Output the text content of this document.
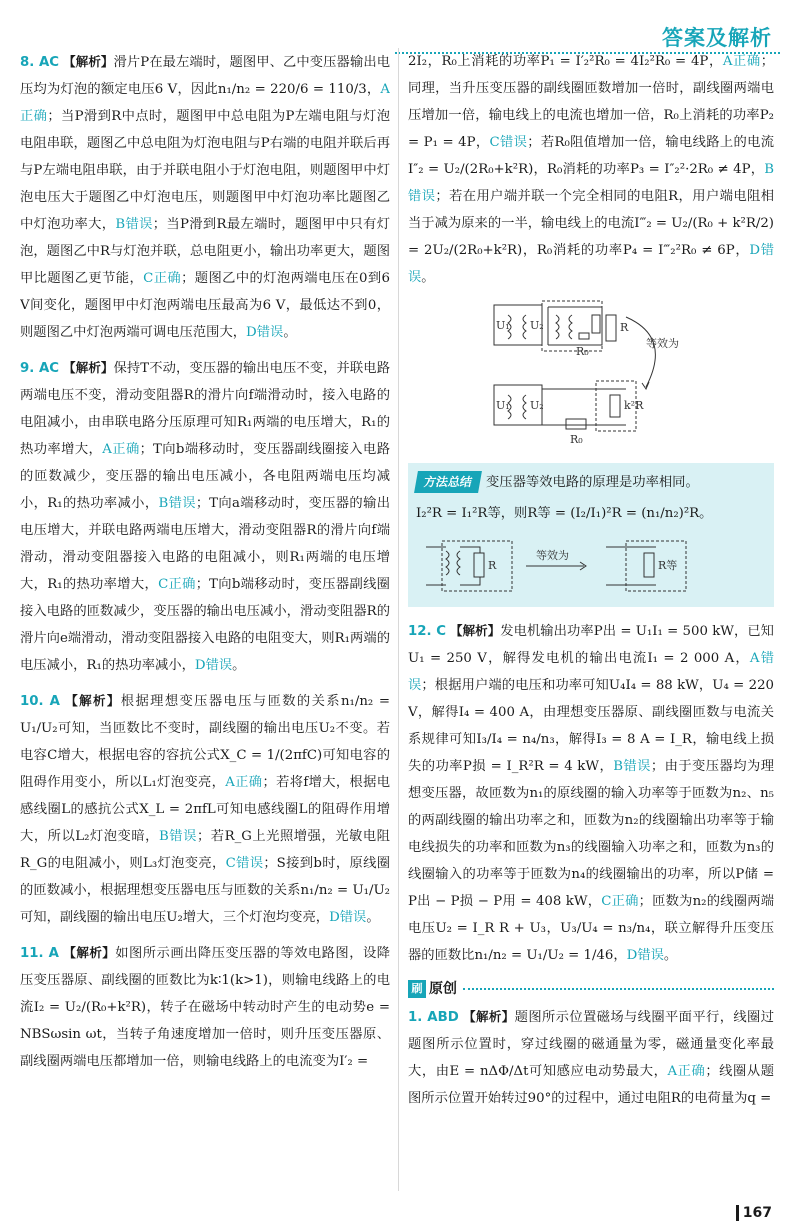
答案及解析
8. AC 【解析】滑片P在最左端时，题图甲、乙中变压器输出电压均为灯泡的额定电压6 V，因此n₁/n₂ = 220/6 = 110/3，A正确；当P滑到R中点时，题图甲中总电阻为P左端电阻与灯泡电阻串联，题图乙中总电阻为灯泡电阻与P右端的电阻并联后再与P左端电阻串联，由于并联电阻小于灯泡电阻，则题图甲中灯泡电压大于题图乙中灯泡电压，则题图甲中灯泡功率比题图乙中灯泡功率大，B错误；当P滑到R最左端时，题图甲中只有灯泡，题图乙中R与灯泡并联，总电阻更小，输出功率更大，题图甲比题图乙更节能，C正确；题图乙中的灯泡两端电压在0到6 V间变化，题图甲中灯泡两端电压最高为6 V，最低达不到0，则题图乙中灯泡两端可调电压范围大，D错误。
9. AC 【解析】保持T不动，变压器的输出电压不变，并联电路两端电压不变，滑动变阻器R的滑片向f端滑动时，接入电路的电阻减小，由串联电路分压原理可知R₁两端的电压增大，R₁的热功率增大，A正确；T向b端移动时，变压器副线圈接入电路的匝数减少，变压器的输出电压减小，各电阻两端电压均减小，R₁的热功率减小，B错误；T向a端移动时，变压器的输出电压增大，并联电路两端电压增大，滑动变阻器R的滑片向f端滑动，滑动变阻器接入电路的电阻减小，则R₁两端的电压增大，R₁的热功率增大，C正确；T向b端移动时，变压器副线圈接入电路的匝数减少，变压器的输出电压减小，滑动变阻器R的滑片向e端滑动，滑动变阻器接入电路的电阻变大，则R₁两端的电压减小，R₁的热功率减小，D错误。
10. A 【解析】根据理想变压器电压与匝数的关系n₁/n₂ = U₁/U₂可知，当匝数比不变时，副线圈的输出电压U₂不变。若电容C增大，根据电容的容抗公式X_C = 1/(2πfC)可知电容的阻碍作用变小，所以L₁灯泡变亮，A正确；若将f增大，根据电感线圈L的感抗公式X_L = 2πfL可知电感线圈L的阻碍作用增大，所以L₂灯泡变暗，B错误；若R_G上光照增强，光敏电阻R_G的电阻减小，则L₃灯泡变亮，C错误；S接到b时，原线圈的匝数减小，根据理想变压器电压与匝数的关系n₁/n₂ = U₁/U₂可知，副线圈的输出电压U₂增大，三个灯泡均变亮，D错误。
11. A 【解析】如图所示画出降压变压器的等效电路图，设降压变压器原、副线圈的匝数比为k∶1(k>1)，则输电线路上的电流I₂ = U₂/(R₀+k²R)，转子在磁场中转动时产生的电动势e = NBSωsin ωt，当转子角速度增加一倍时，则升压变压器原、副线圈两端电压都增加一倍，则输电线路上的电流变为I′₂ =
2I₂，R₀上消耗的功率P₁ = I′₂²R₀ = 4I₂²R₀ = 4P，A正确；同理，当升压变压器的副线圈匝数增加一倍时，副线圈两端电压增加一倍，输电线上的电流也增加一倍，R₀上消耗的功率P₂ = P₁ = 4P，C错误；若R₀阻值增加一倍，输电线路上的电流I″₂ = U₂/(2R₀+k²R)，R₀消耗的功率P₃ = I″₂²·2R₀ ≠ 4P，B错误；若在用户端并联一个完全相同的电阻R，用户端电阻相当于减为原来的一半，输电线上的电流I‴₂ = U₂/(R₀ + k²R/2) = 2U₂/(2R₀+k²R)，R₀消耗的功率P₄ = I‴₂²R₀ ≠ 6P，D错误。
U₁ U₂
R₀
R
U₁ U₂
R₀
k²R
等效为
方法总结 变压器等效电路的原理是功率相同。
I₂²R = I₁²R等，则R等 = (I₂/I₁)²R = (n₁/n₂)²R。
R
等效为
R等
12. C 【解析】发电机输出功率P出 = U₁I₁ = 500 kW，已知U₁ = 250 V，解得发电机的输出电流I₁ = 2 000 A，A错误；根据用户端的电压和功率可知U₄I₄ = 88 kW，U₄ = 220 V，解得I₄ = 400 A，由理想变压器原、副线圈匝数与电流关系规律可知I₃/I₄ = n₄/n₃，解得I₃ = 8 A = I_R，输电线上损失的功率P损 = I_R²R = 4 kW，B错误；由于变压器均为理想变压器，故匝数为n₁的原线圈的输入功率等于匝数为n₂、n₅的两副线圈的输出功率之和，匝数为n₂的线圈输出功率等于输电线损失的功率和匝数为n₃的线圈输入功率之和，匝数为n₃的线圈输入的功率等于匝数为n₄的线圈输出的功率，所以P储 = P出 − P损 − P用 = 408 kW，C正确；匝数为n₂的线圈两端电压U₂ = I_R R + U₃，U₃/U₄ = n₃/n₄，联立解得升压变压器的匝数比n₁/n₂ = U₁/U₂ = 1/46，D错误。
刷 原创
1. ABD 【解析】题图所示位置磁场与线圈平面平行，线圈过题图所示位置时，穿过线圈的磁通量为零，磁通量变化率最大，由E = nΔΦ/Δt可知感应电动势最大，A正确；线圈从题图所示位置开始转过90°的过程中，通过电阻R的电荷量为q =
167
